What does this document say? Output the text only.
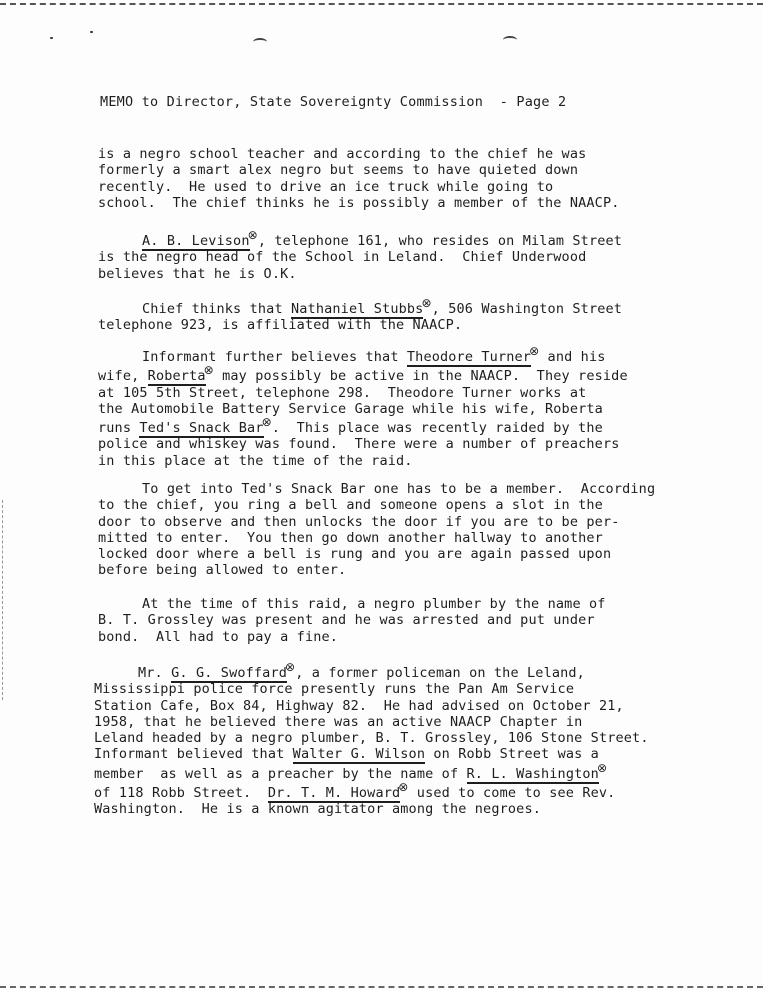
MEMO to Director, State Sovereignty Commission  - Page 2
is a negro school teacher and according to the chief he was
formerly a smart alex negro but seems to have quieted down
recently.  He used to drive an ice truck while going to
school.  The chief thinks he is possibly a member of the NAACP.
A. B. Levison⊗, telephone 161, who resides on Milam Street
is the negro head of the School in Leland.  Chief Underwood
believes that he is O.K.
Chief thinks that Nathaniel Stubbs⊗, 506 Washington Street
telephone 923, is affiliated with the NAACP.
Informant further believes that Theodore Turner⊗ and his
wife, Roberta⊗ may possibly be active in the NAACP.  They reside
at 105 5th Street, telephone 298.  Theodore Turner works at
the Automobile Battery Service Garage while his wife, Roberta
runs Ted's Snack Bar⊗.  This place was recently raided by the
police and whiskey was found.  There were a number of preachers
in this place at the time of the raid.
To get into Ted's Snack Bar one has to be a member.  According
to the chief, you ring a bell and someone opens a slot in the
door to observe and then unlocks the door if you are to be per-
mitted to enter.  You then go down another hallway to another
locked door where a bell is rung and you are again passed upon
before being allowed to enter.
At the time of this raid, a negro plumber by the name of
B. T. Grossley was present and he was arrested and put under
bond.  All had to pay a fine.
Mr. G. G. Swoffard⊗, a former policeman on the Leland,
Mississippi police force presently runs the Pan Am Service
Station Cafe, Box 84, Highway 82.  He had advised on October 21,
1958, that he believed there was an active NAACP Chapter in
Leland headed by a negro plumber, B. T. Grossley, 106 Stone Street.
Informant believed that Walter G. Wilson on Robb Street was a
member  as well as a preacher by the name of R. L. Washington⊗
of 118 Robb Street.  Dr. T. M. Howard⊗ used to come to see Rev.
Washington.  He is a known agitator among the negroes.
